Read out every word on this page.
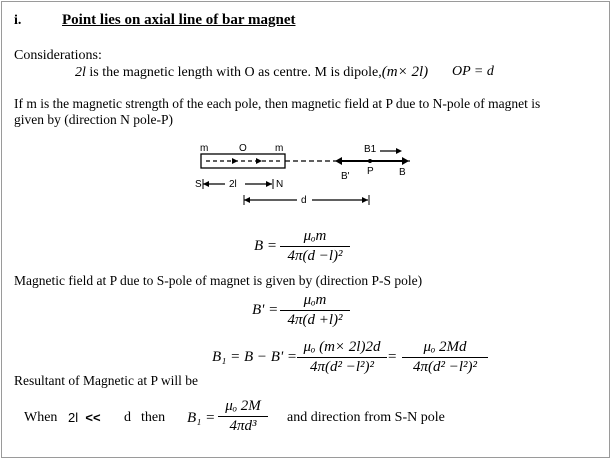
i.	Point lies on axial line of bar magnet
Considerations:
2l is the magnetic length with O as centre. M is dipole,(m× 2l) OP = d
If m is the magnetic strength of the each pole, then magnetic field at P due to N-pole of magnet is
given by (direction N pole-P)
m	O	m	B1
P
B'	B
S	2l	N
d
B =
μₒm
4π(d −l)²
Magnetic field at P due to S-pole of magnet is given by (direction P-S pole)
B' =
μₒm
4π(d +l)²
$B_1 = B - B' = \frac{\text{μₒ (m× 2l)2d}}{\text{4π(d² −l²)²}} = \frac{\text{μₒ 2Md}}{\text{4π(d² −l²)²}}$
Resultant of Magnetic at P will be
When 2l << d then $B_1 = \frac{\text{μₒ 2M}}{\text{4πd³}}$ and direction from S-N pole
